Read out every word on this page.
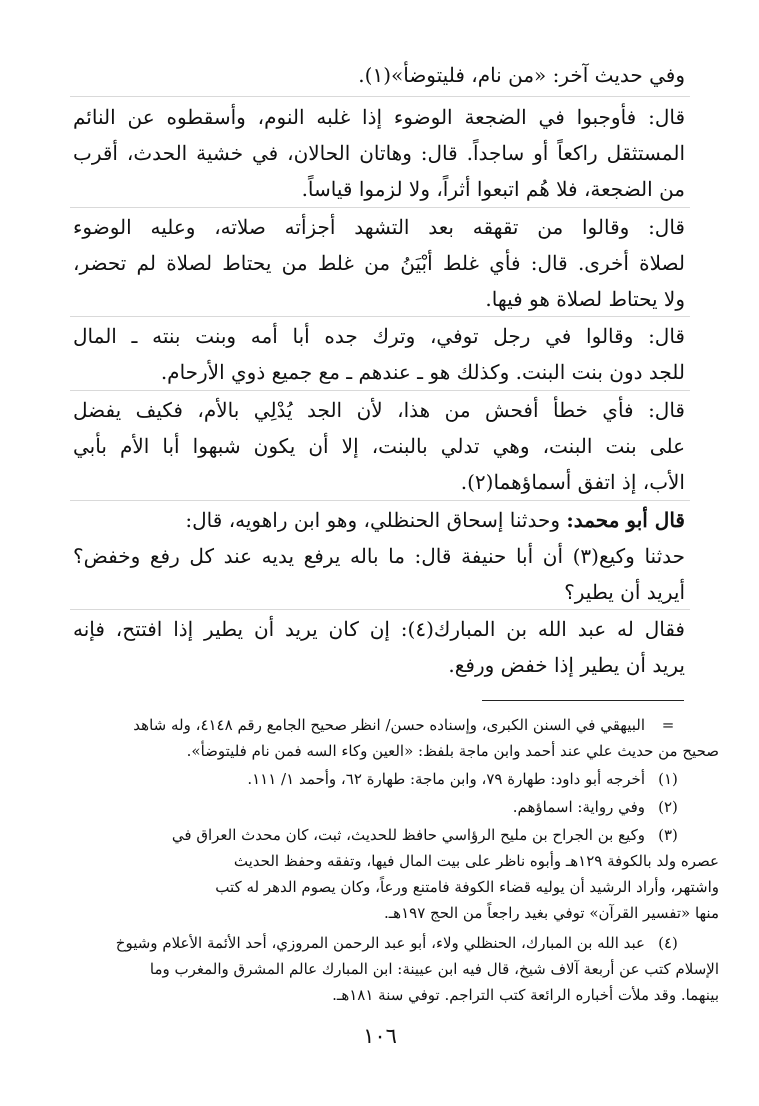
وفي حديث آخر: «من نام، فليتوضأ»(١).
قال: فأوجبوا في الضجعة الوضوء إذا غلبه النوم، وأسقطوه عن النائم
المستثقل راكعاً أو ساجداً. قال: وهاتان الحالان، في خشية الحدث، أقرب
من الضجعة، فلا هُم اتبعوا أثراً، ولا لزموا قياساً.
قال: وقالوا من تقهقه بعد التشهد أجزأته صلاته، وعليه الوضوء
لصلاة أخرى. قال: فأي غلط أبْيَنُ من غلط من يحتاط لصلاة لم تحضر،
ولا يحتاط لصلاة هو فيها.
قال: وقالوا في رجل توفي، وترك جده أبا أمه وبنت بنته ـ المال
للجد دون بنت البنت. وكذلك هو ـ عندهم ـ مع جميع ذوي الأرحام.
قال: فأي خطأ أفحش من هذا، لأن الجد يُدْلِي بالأم، فكيف يفضل
على بنت البنت، وهي تدلي بالبنت، إلا أن يكون شبهوا أبا الأم بأبي
الأب، إذ اتفق أسماؤهما(٢).
قال أبو محمد: وحدثنا إسحاق الحنظلي، وهو ابن راهويه، قال:
حدثنا وكيع(٣) أن أبا حنيفة قال: ما باله يرفع يديه عند كل رفع وخفض؟
أيريد أن يطير؟
فقال له عبد الله بن المبارك(٤): إن كان يريد أن يطير إذا افتتح، فإنه
يريد أن يطير إذا خفض ورفع.
=
البيهقي في السنن الكبرى، وإسناده حسن/ انظر صحيح الجامع رقم ٤١٤٨، وله شاهد
صحيح من حديث علي عند أحمد وابن ماجة بلفظ: «العين وكاء السه فمن نام فليتوضأ».
(١)
أخرجه أبو داود: طهارة ٧٩، وابن ماجة: طهارة ٦٢، وأحمد ١/ ١١١.
(٢)
وفي رواية: اسماؤهم.
(٣)
وكيع بن الجراح بن مليح الرؤاسي حافظ للحديث، ثبت، كان محدث العراق في
عصره ولد بالكوفة ١٢٩هـ وأبوه ناظر على بيت المال فيها، وتفقه وحفظ الحديث
واشتهر، وأراد الرشيد أن يوليه قضاء الكوفة فامتنع ورعاً، وكان يصوم الدهر له كتب
منها «تفسير القرآن» توفي بغيد راجعاً من الحج ١٩٧هـ.
(٤)
عبد الله بن المبارك، الحنظلي ولاء، أبو عبد الرحمن المروزي، أحد الأئمة الأعلام وشيوخ
الإسلام كتب عن أربعة آلاف شيخ، قال فيه ابن عيينة: ابن المبارك عالم المشرق والمغرب وما
بينهما. وقد ملأت أخباره الرائعة كتب التراجم. توفي سنة ١٨١هـ.
١٠٦
